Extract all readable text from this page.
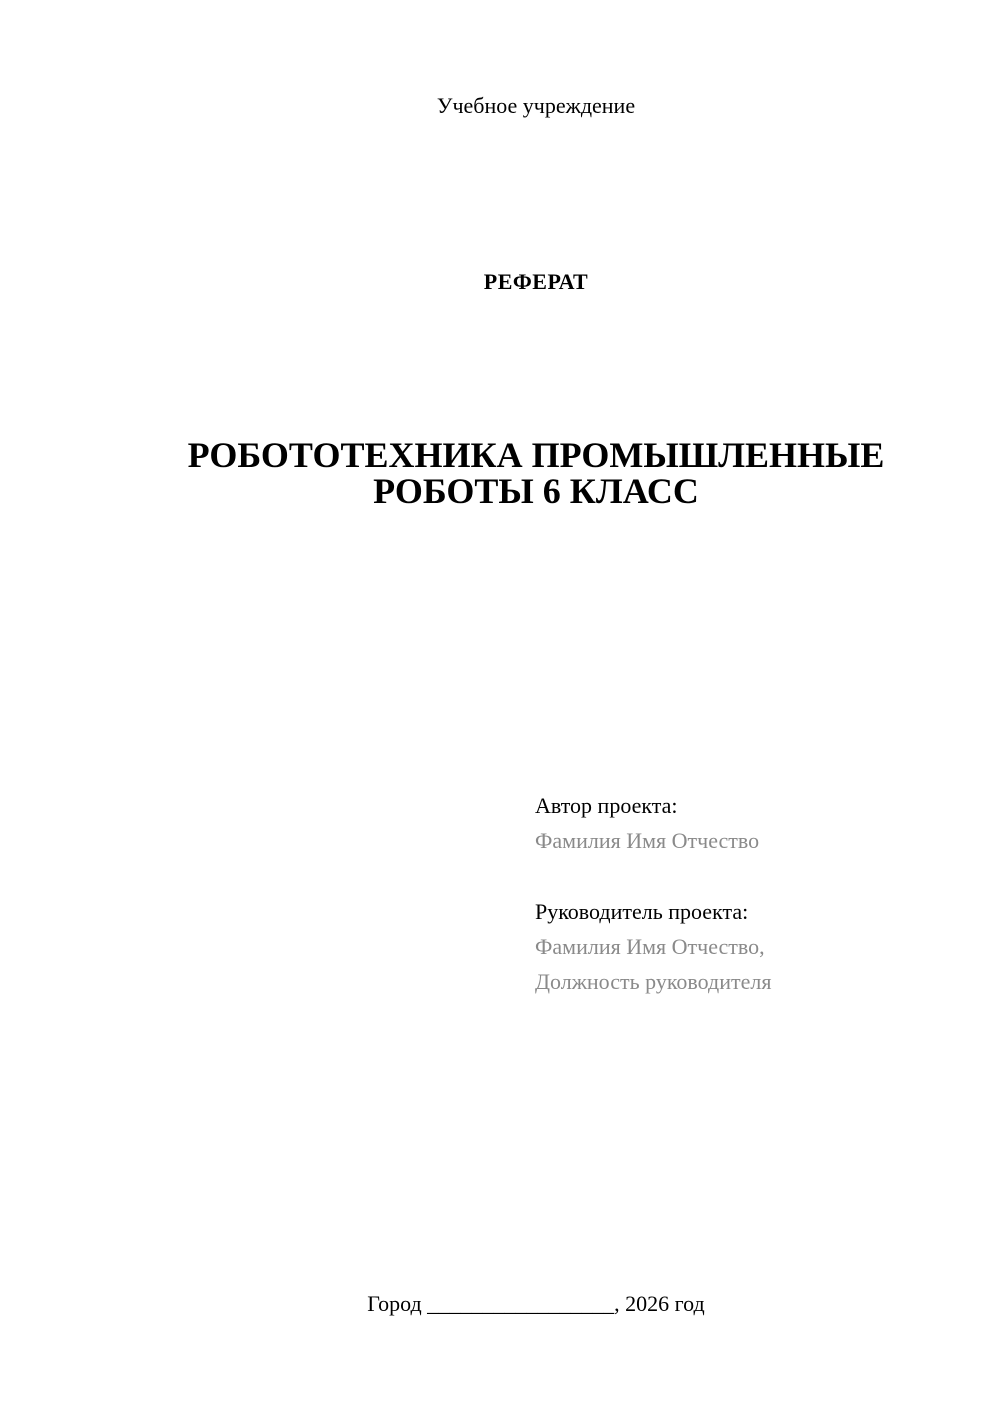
Учебное учреждение
РЕФЕРАТ
РОБОТОТЕХНИКА ПРОМЫШЛЕННЫЕ
РОБОТЫ 6 КЛАСС
Автор проекта:
Фамилия Имя Отчество
Руководитель проекта:
Фамилия Имя Отчество,
Должность руководителя
Город _________________, 2026 год
